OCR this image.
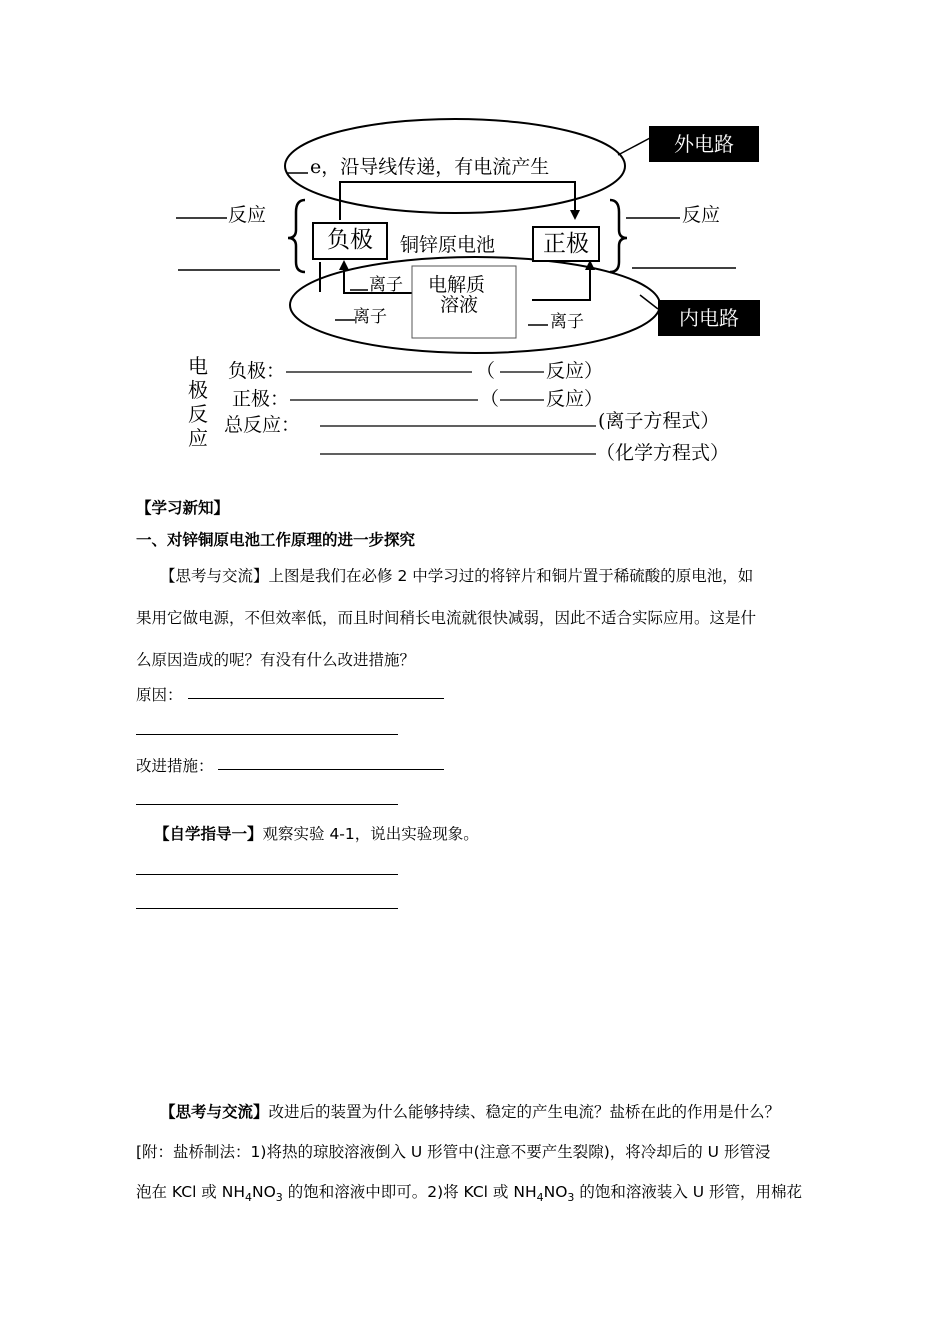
外电路
内电路
e，沿导线传递，有电流产生
反应	反应
负极	铜锌原电池	正极
离子
离子	离子
电解质
溶液
电
极
反
应
负极：	（	反应）
正极：	（ 反应）
总反应：	(离子方程式）
（化学方程式）
【学习新知】
一、对锌铜原电池工作原理的进一步探究
【思考与交流】上图是我们在必修 2 中学习过的将锌片和铜片置于稀硫酸的原电池，如
果用它做电源，不但效率低，而且时间稍长电流就很快减弱，因此不适合实际应用。这是什
么原因造成的呢？有没有什么改进措施？
原因：
改进措施：
【自学指导一】观察实验 4-1，说出实验现象。
【思考与交流】改进后的装置为什么能够持续、稳定的产生电流？盐桥在此的作用是什么？
[附：盐桥制法：1)将热的琼胶溶液倒入 U 形管中(注意不要产生裂隙)，将冷却后的 U 形管浸
泡在 KCl 或 $NH_4NO_3$ 的饱和溶液中即可。2)将 KCl 或 $NH_4NO_3$ 的饱和溶液装入 U 形管，用棉花
